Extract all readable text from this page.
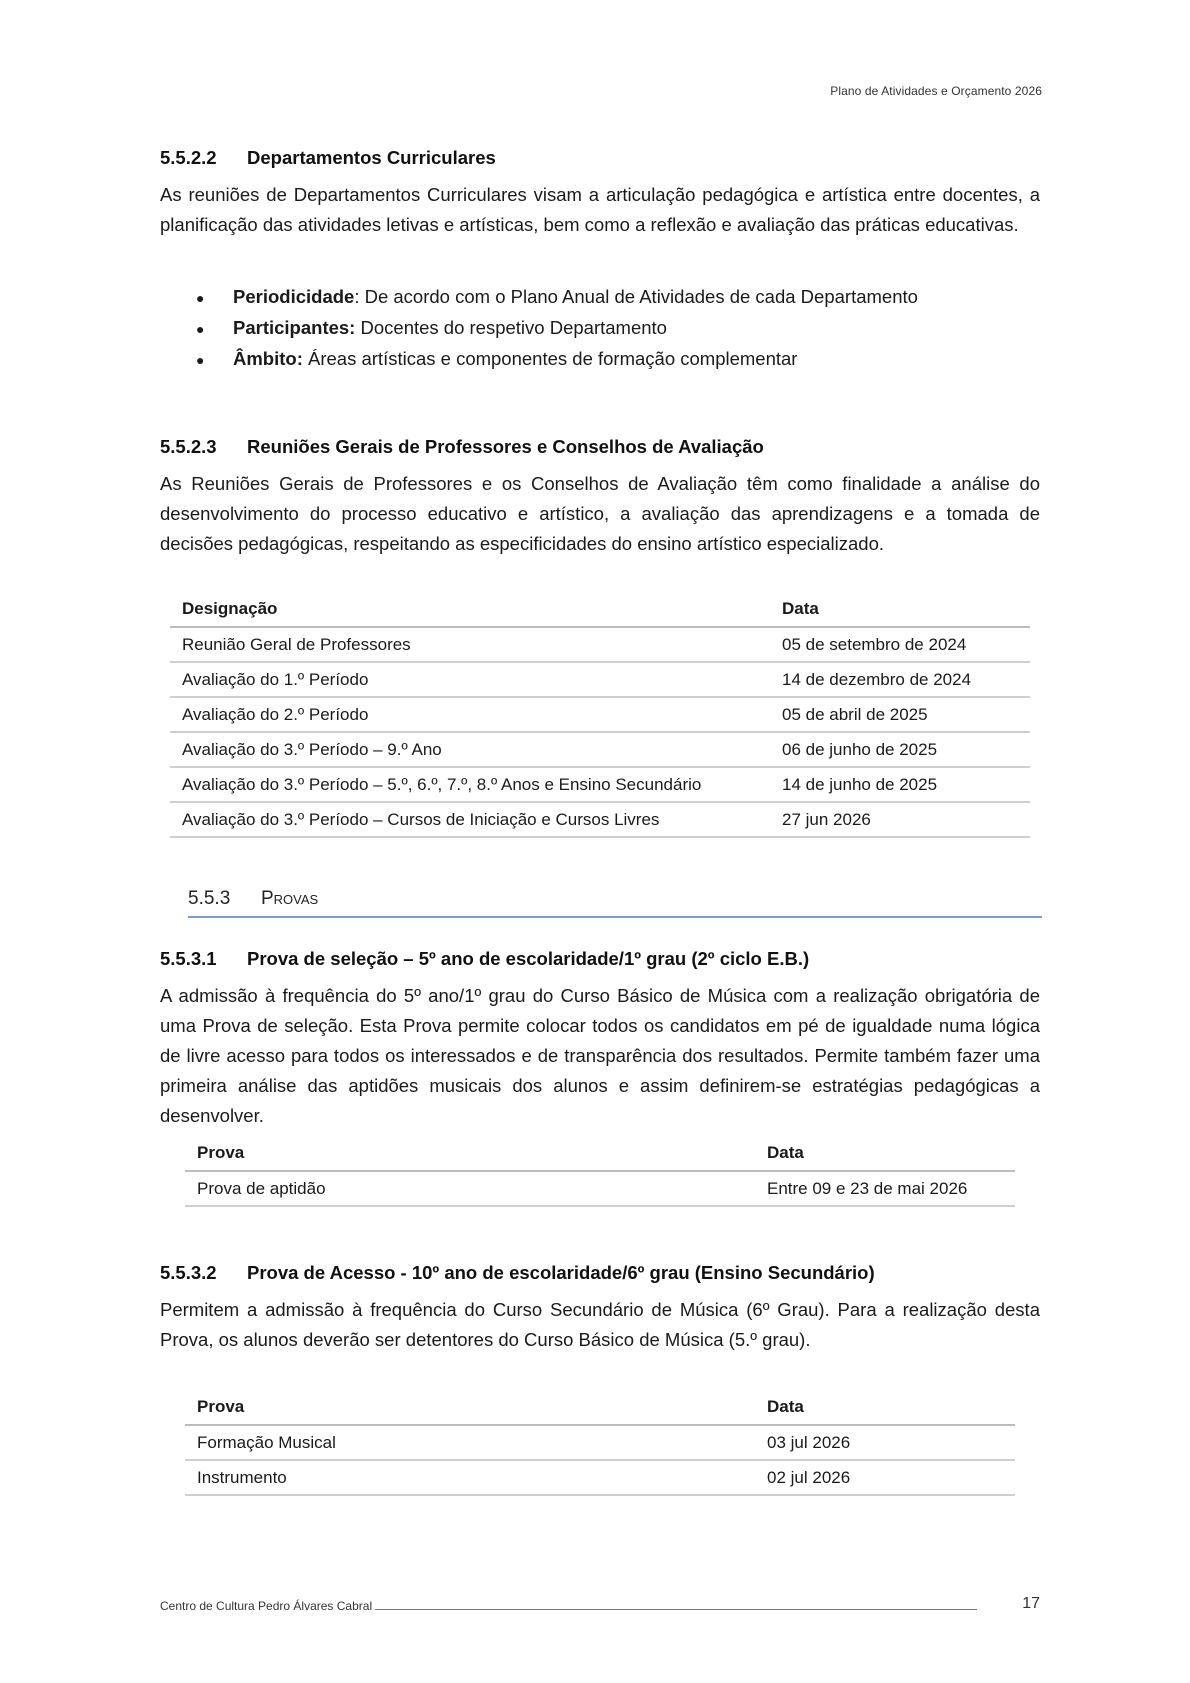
Plano de Atividades e Orçamento 2026
5.5.2.2	Departamentos Curriculares

As reuniões de Departamentos Curriculares visam a articulação pedagógica e artística entre docentes, a planificação das atividades letivas e artísticas, bem como a reflexão e avaliação das práticas educativas.

●	Periodicidade: De acordo com o Plano Anual de Atividades de cada Departamento
●	Participantes: Docentes do respetivo Departamento
●	Âmbito: Áreas artísticas e componentes de formação complementar
5.5.2.3	Reuniões Gerais de Professores e Conselhos de Avaliação

As Reuniões Gerais de Professores e os Conselhos de Avaliação têm como finalidade a análise do desenvolvimento do processo educativo e artístico, a avaliação das aprendizagens e a tomada de decisões pedagógicas, respeitando as especificidades do ensino artístico especializado.

Designação	Data
Reunião Geral de Professores	05 de setembro de 2024
Avaliação do 1.º Período	14 de dezembro de 2024
Avaliação do 2.º Período	05 de abril de 2025
Avaliação do 3.º Período – 9.º Ano	06 de junho de 2025
Avaliação do 3.º Período – 5.º, 6.º, 7.º, 8.º Anos e Ensino Secundário	14 de junho de 2025
Avaliação do 3.º Período – Cursos de Iniciação e Cursos Livres	27 jun 2026
5.5.3	Provas
5.5.3.1	Prova de seleção – 5º ano de escolaridade/1º grau (2º ciclo E.B.)

A admissão à frequência do 5º ano/1º grau do Curso Básico de Música com a realização obrigatória de uma Prova de seleção. Esta Prova permite colocar todos os candidatos em pé de igualdade numa lógica de livre acesso para todos os interessados e de transparência dos resultados. Permite também fazer uma primeira análise das aptidões musicais dos alunos e assim definirem-se estratégias pedagógicas a desenvolver.

Prova	Data
Prova de aptidão	Entre 09 e 23 de mai 2026
5.5.3.2	Prova de Acesso - 10º ano de escolaridade/6º grau (Ensino Secundário)

Permitem a admissão à frequência do Curso Secundário de Música (6º Grau). Para a realização desta Prova, os alunos deverão ser detentores do Curso Básico de Música (5.º grau).

Prova	Data
Formação Musical	03 jul 2026
Instrumento	02 jul 2026
Centro de Cultura Pedro Álvares Cabral	17
